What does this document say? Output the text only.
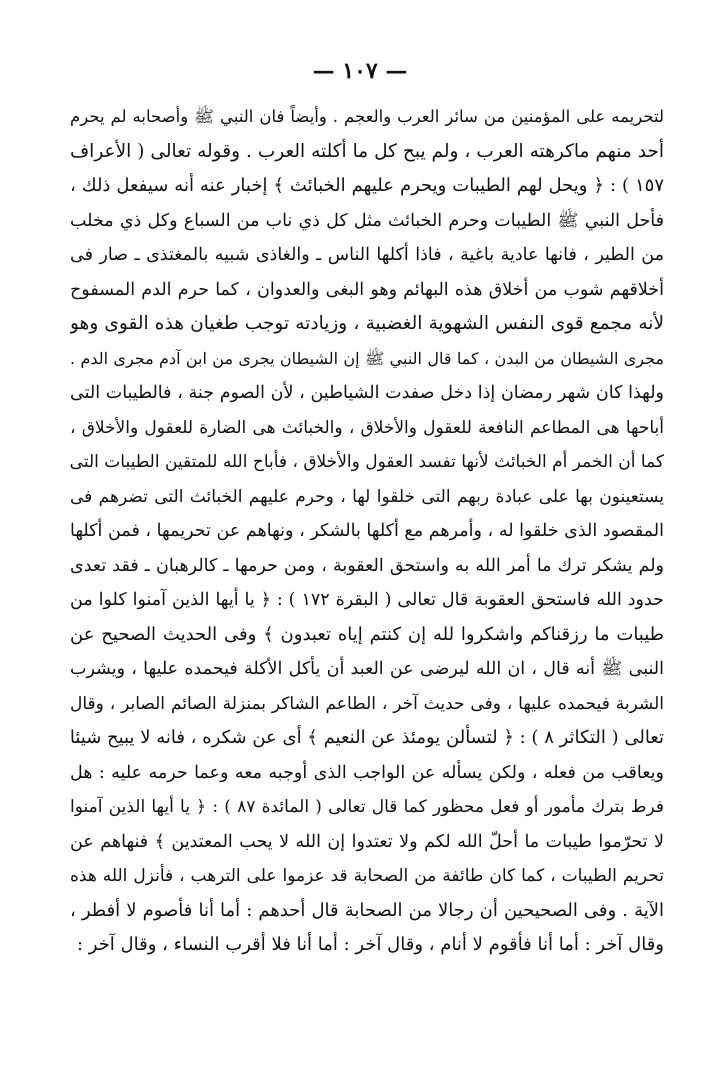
— ١٠٧ —
لتحريمه على المؤمنين من سائر العرب والعجم . وأيضاً فان النبي ﷺ وأصحابه لم يحرم
أحد منهم ماكرهته العرب ، ولم يبح كل ما أكلته العرب . وقوله تعالى ( الأعراف
١٥٧ ) : ﴿ ويحل لهم الطيبات ويحرم عليهم الخبائث ﴾ إخبار عنه أنه سيفعل ذلك ،
فأحل النبي ﷺ الطيبات وحرم الخبائث مثل كل ذي ناب من السباع وكل ذي مخلب
من الطير ، فانها عادية باغية ، فاذا أكلها الناس ـ والغاذى شبيه بالمغتذى ـ صار فى
أخلاقهم شوب من أخلاق هذه البهائم وهو البغى والعدوان ، كما حرم الدم المسفوح
لأنه مجمع قوى النفس الشهوية الغضبية ، وزيادته توجب طغيان هذه القوى وهو
مجرى الشيطان من البدن ، كما قال النبي ﷺ إن الشيطان يجرى من ابن آدم مجرى الدم .
ولهذا كان شهر رمضان إذا دخل صفدت الشياطين ، لأن الصوم جنة ، فالطيبات التى
أباحها هى المطاعم النافعة للعقول والأخلاق ، والخبائث هى الضارة للعقول والأخلاق ،
كما أن الخمر أم الخبائث لأنها تفسد العقول والأخلاق ، فأباح الله للمتقين الطيبات التى
يستعينون بها على عبادة ربهم التى خلقوا لها ، وحرم عليهم الخبائث التى تضرهم فى
المقصود الذى خلقوا له ، وأمرهم مع أكلها بالشكر ، ونهاهم عن تحريمها ، فمن أكلها
ولم يشكر ترك ما أمر الله به واستحق العقوبة ، ومن حرمها ـ كالرهبان ـ فقد تعدى
حدود الله فاستحق العقوبة قال تعالى ( البقرة ١٧٢ ) : ﴿ يا أيها الذين آمنوا كلوا من
طيبات ما رزقناكم واشكروا لله إن كنتم إياه تعبدون ﴾ وفى الحديث الصحيح عن
النبى ﷺ أنه قال ، ان الله ليرضى عن العبد أن يأكل الأكلة فيحمده عليها ، ويشرب
الشربة فيحمده عليها ، وفى حديث آخر ، الطاعم الشاكر بمنزلة الصائم الصابر ، وقال
تعالى ( التكاثر ٨ ) : ﴿ لتسألن يومئذ عن النعيم ﴾ أى عن شكره ، فانه لا يبيح شيئا
ويعاقب من فعله ، ولكن يسأله عن الواجب الذى أوجبه معه وعما حرمه عليه : هل
فرط بترك مأمور أو فعل محظور كما قال تعالى ( المائدة ٨٧ ) : ﴿ يا أيها الذين آمنوا
لا تحرّموا طيبات ما أحلّ الله لكم ولا تعتدوا إن الله لا يحب المعتدين ﴾ فنهاهم عن
تحريم الطيبات ، كما كان طائفة من الصحابة قد عزموا على الترهب ، فأنزل الله هذه
الآية . وفى الصحيحين أن رجالا من الصحابة قال أحدهم : أما أنا فأصوم لا أفطر ،
وقال آخر : أما أنا فأقوم لا أنام ، وقال آخر : أما أنا فلا أقرب النساء ، وقال آخر :
